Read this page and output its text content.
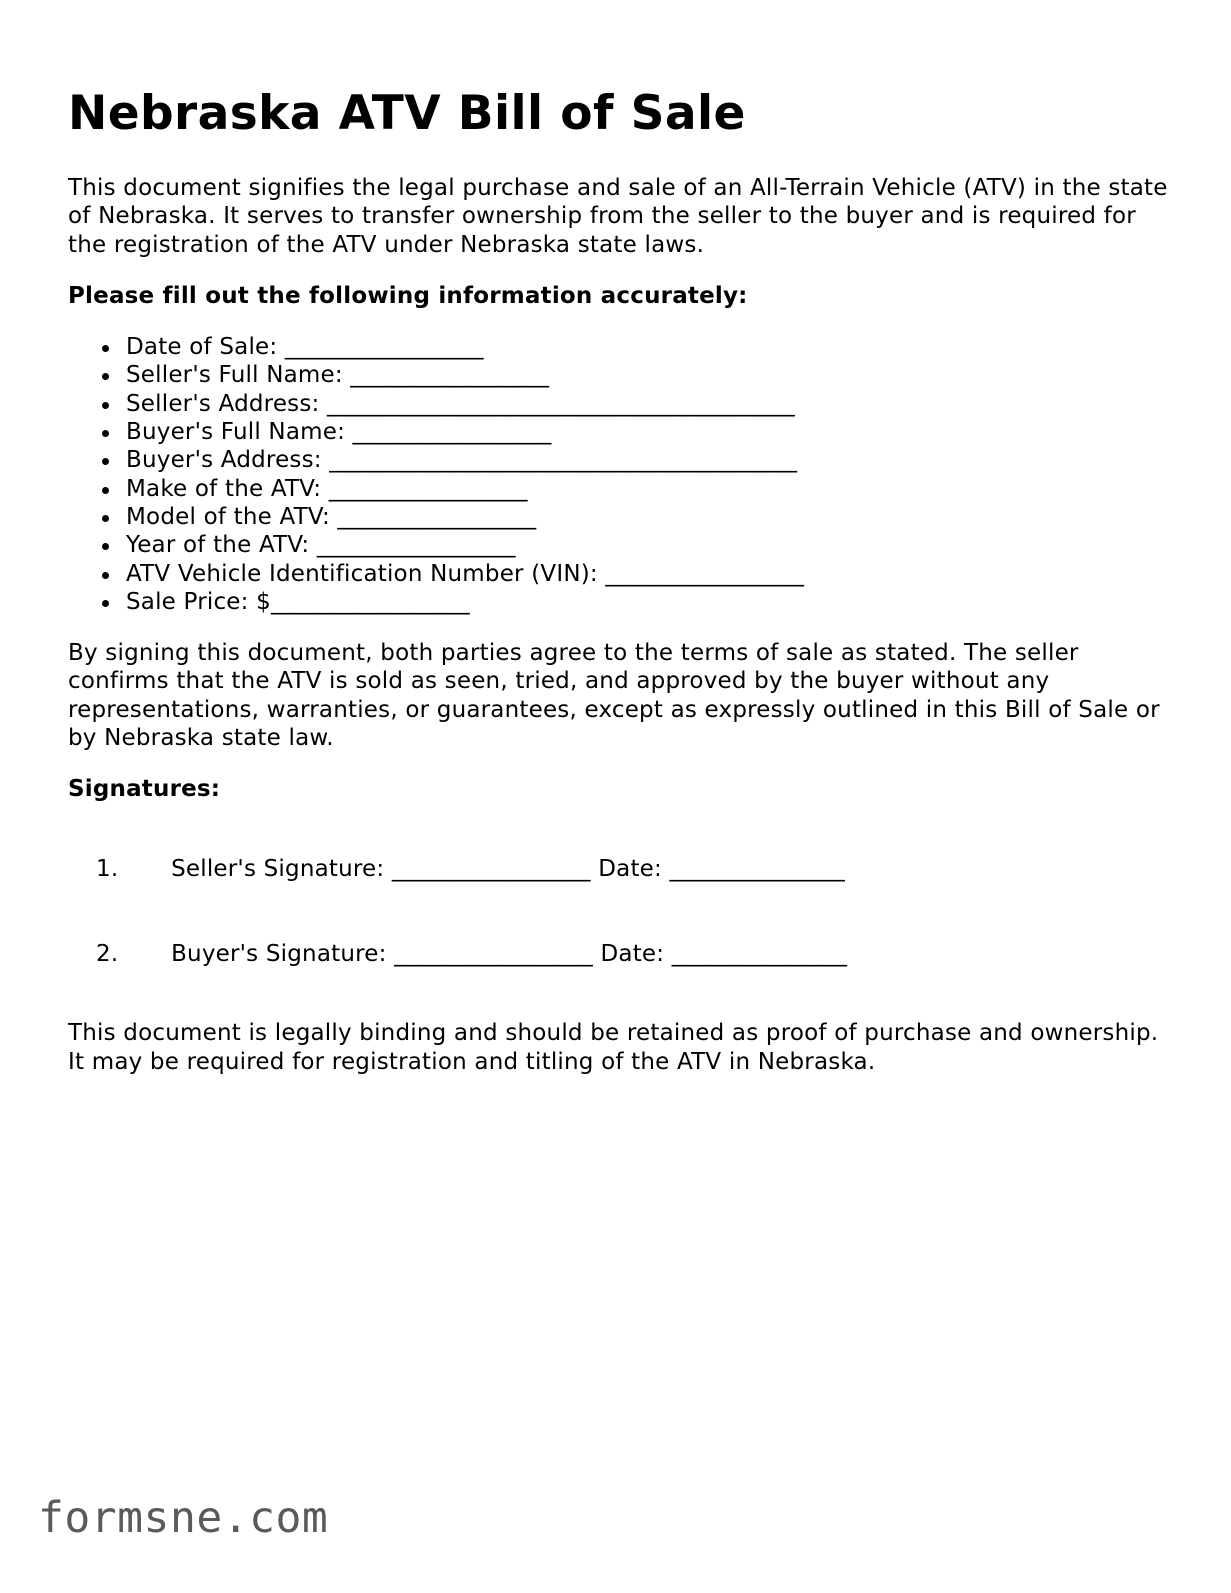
Nebraska ATV Bill of Sale

This document signifies the legal purchase and sale of an All-Terrain Vehicle (ATV) in the state of Nebraska. It serves to transfer ownership from the seller to the buyer and is required for the registration of the ATV under Nebraska state laws.

Please fill out the following information accurately:

Date of Sale: _________________
Seller's Full Name: _________________
Seller's Address: ________________________________________
Buyer's Full Name: _________________
Buyer's Address: ________________________________________
Make of the ATV: _________________
Model of the ATV: _________________
Year of the ATV: _________________
ATV Vehicle Identification Number (VIN): _________________
Sale Price: $_________________

By signing this document, both parties agree to the terms of sale as stated. The seller confirms that the ATV is sold as seen, tried, and approved by the buyer without any representations, warranties, or guarantees, except as expressly outlined in this Bill of Sale or by Nebraska state law.

Signatures:

1. Seller's Signature: _________________ Date: _______________

2. Buyer's Signature: _________________ Date: _______________

This document is legally binding and should be retained as proof of purchase and ownership. It may be required for registration and titling of the ATV in Nebraska.

formsne.com
